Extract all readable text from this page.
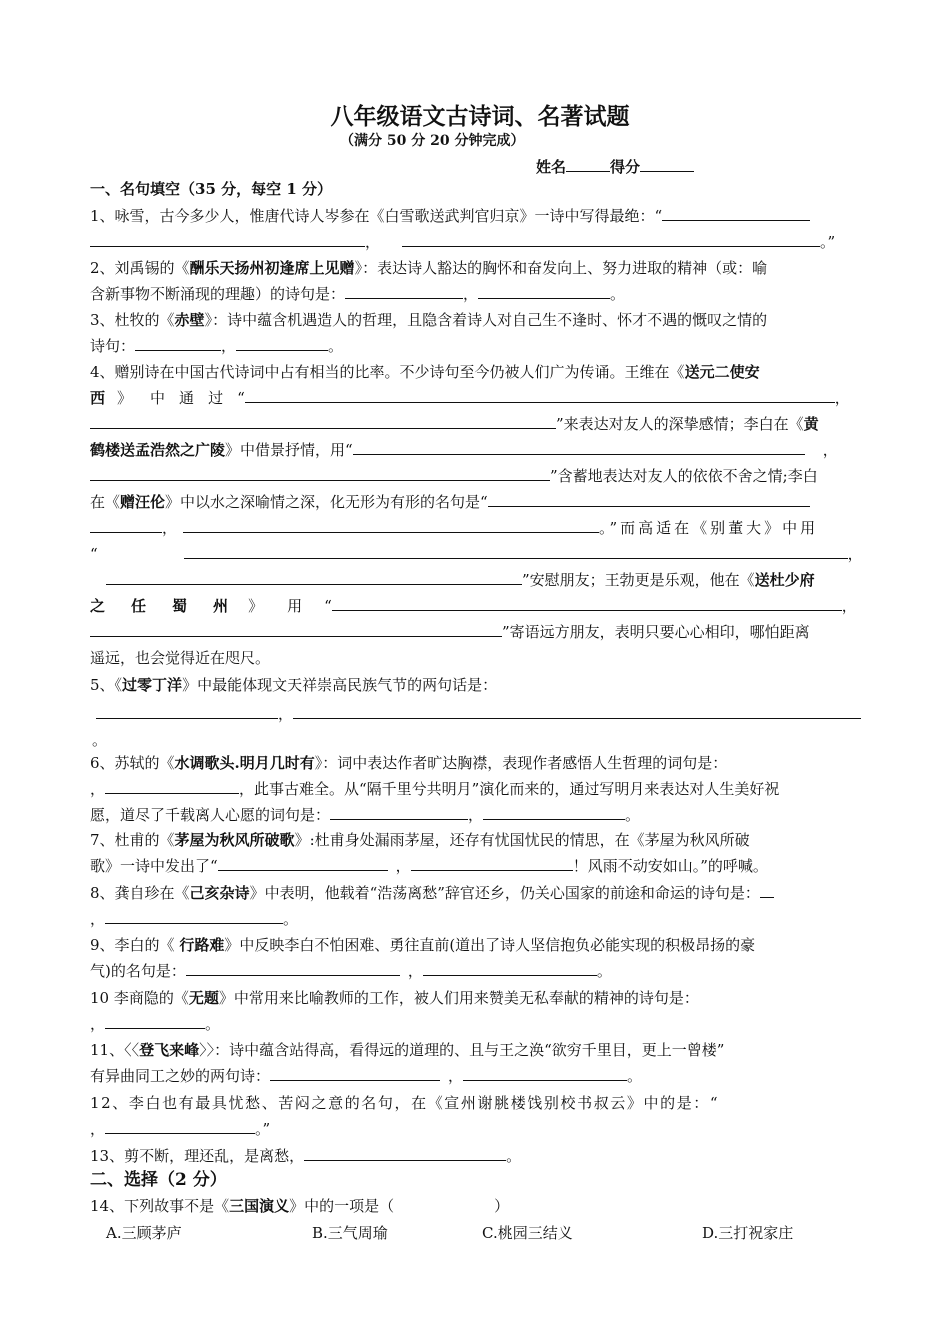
八年级语文古诗词、名著试题
（满分 50 分 20 分钟完成）
姓名	得分
一、名句填空（35 分，每空 1 分）
1、咏雪，古今多少人，惟唐代诗人岑参在《白雪歌送武判官归京》一诗中写得最绝：“
，	。”
2、刘禹锡的《酬乐天扬州初逢席上见赠》：表达诗人豁达的胸怀和奋发向上、努力进取的精神（或：喻
含新事物不断涌现的理趣）的诗句是：	，	。
3、杜牧的《赤壁》：诗中蕴含机遇造人的哲理，且隐含着诗人对自己生不逢时、怀才不遇的慨叹之情的
诗句：	，	。
4、赠别诗在中国古代诗词中占有相当的比率。不少诗句至今仍被人们广为传诵。王维在《送元二使安
西 》 中 通 过 “	，
”来表达对友人的深挚感情；李白在《黄
鹤楼送孟浩然之广陵》中借景抒情，用“	，
”含蓄地表达对友人的依依不舍之情;李白
在《赠汪伦》中以水之深喻情之深，化无形为有形的名句是“
，	。”而高适在《别董大》中用
“	，
”安慰朋友；王勃更是乐观，他在《送杜少府
之 任 蜀 州 》 用 “	，
”寄语远方朋友，表明只要心心相印，哪怕距离
遥远，也会觉得近在咫尺。
5、《过零丁洋》中最能体现文天祥崇高民族气节的两句话是：
，
。
6、苏轼的《水调歌头.明月几时有》：词中表达作者旷达胸襟，表现作者感悟人生哲理的词句是：
，	，此事古难全。从“隔千里兮共明月”演化而来的，通过写明月来表达对人生美好祝
愿，道尽了千载离人心愿的词句是：	，	。
7、杜甫的《茅屋为秋风所破歌》:杜甫身处漏雨茅屋，还存有忧国忧民的情思，在《茅屋为秋风所破
歌》一诗中发出了“	，	！风雨不动安如山。”的呼喊。
8、龚自珍在《己亥杂诗》中表明，他载着“浩荡离愁”辞官还乡，仍关心国家的前途和命运的诗句是：
，	。
9、李白的《 行路难》中反映李白不怕困难、勇往直前(道出了诗人坚信抱负必能实现的积极昂扬的豪
气)的名句是：	，	。
10 李商隐的《无题》中常用来比喻教师的工作，被人们用来赞美无私奉献的精神的诗句是：
，	。
11、〈〈登飞来峰〉〉：诗中蕴含站得高，看得远的道理的、且与王之涣“欲穷千里目，更上一曾楼”
有异曲同工之妙的两句诗：	，	。
12、李白也有最具忧愁、苦闷之意的名句，在《宣州谢脁楼饯别校书叔云》中的是：“
，	。”
13、剪不断，理还乱，是离愁，	。
二、选择（2 分）
14、下列故事不是《三国演义》中的一项是（	）
A.三顾茅庐	B.三气周瑜	C.桃园三结义	D.三打祝家庄
